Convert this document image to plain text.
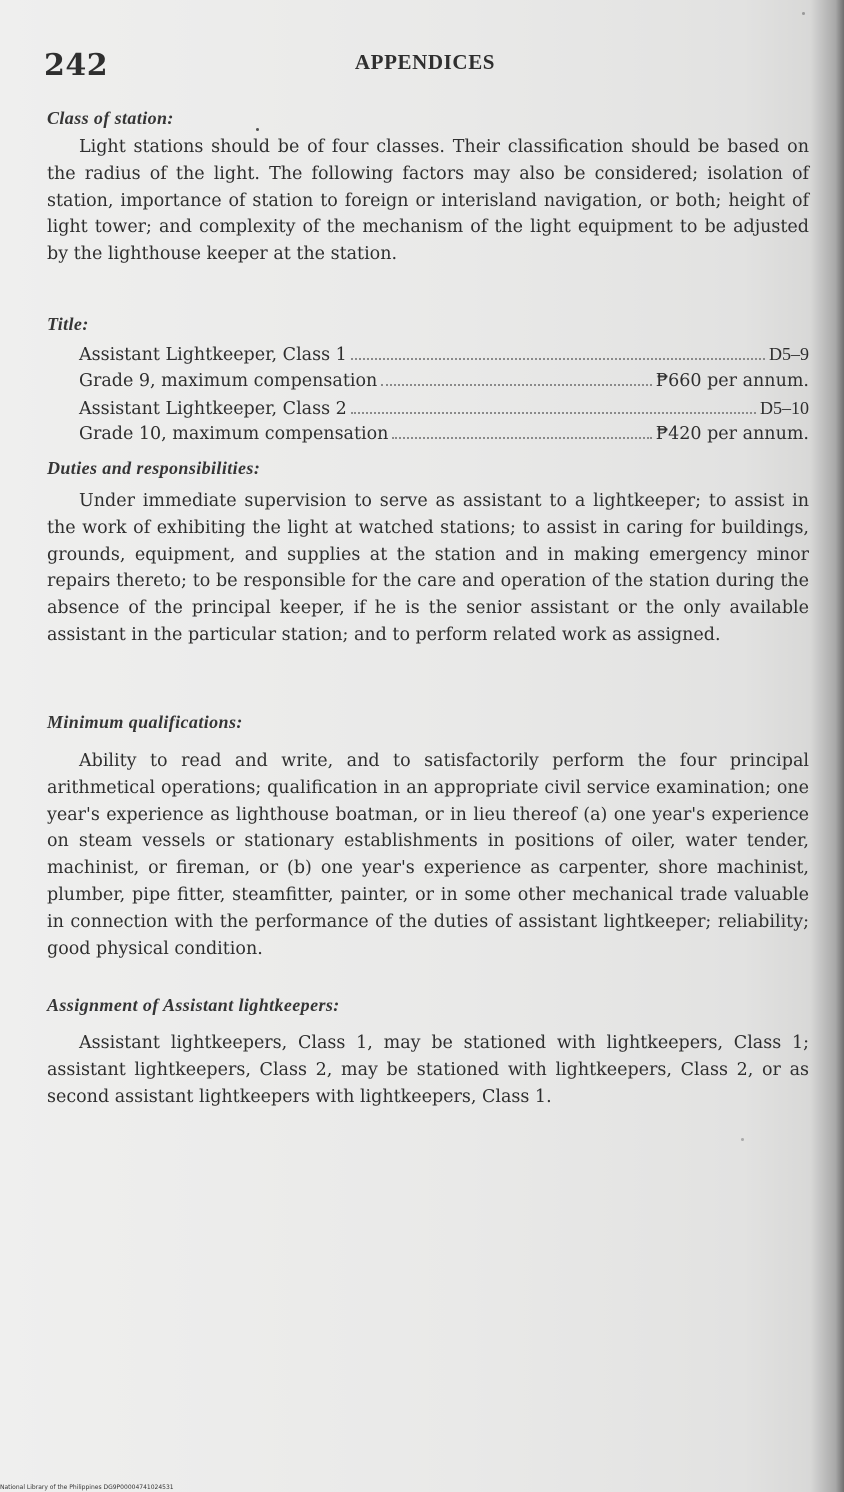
242	APPENDICES
Class of station:

Light stations should be of four classes. Their classification should be based on the radius of the light. The following factors may also be considered; isolation of station, importance of station to foreign or interisland navigation, or both; height of light tower; and complexity of the mechanism of the light equipment to be adjusted by the lighthouse keeper at the station.

Title:
Assistant Lightkeeper, Class 1	D5–9
Grade 9, maximum compensation	₱660 per annum.
Assistant Lightkeeper, Class 2	D5–10
Grade 10, maximum compensation	₱420 per annum.
Duties and responsibilities:

Under immediate supervision to serve as assistant to a lightkeeper; to assist in the work of exhibiting the light at watched stations; to assist in caring for buildings, grounds, equipment, and supplies at the station and in making emergency minor repairs thereto; to be responsible for the care and operation of the station during the absence of the principal keeper, if he is the senior assistant or the only available assistant in the particular station; and to perform related work as assigned.

Minimum qualifications:

Ability to read and write, and to satisfactorily perform the four principal arithmetical operations; qualification in an appropriate civil service examination; one year's experience as lighthouse boatman, or in lieu thereof (a) one year's experience on steam vessels or stationary establishments in positions of oiler, water tender, machinist, or fireman, or (b) one year's experience as carpenter, shore machinist, plumber, pipe fitter, steamfitter, painter, or in some other mechanical trade valuable in connection with the performance of the duties of assistant lightkeeper; reliability; good physical condition.

Assignment of Assistant lightkeepers:

Assistant lightkeepers, Class 1, may be stationed with lightkeepers, Class 1; assistant lightkeepers, Class 2, may be stationed with lightkeepers, Class 2, or as second assistant lightkeepers with lightkeepers, Class 1.

National Library of the Philippines DG9P00004741024531
